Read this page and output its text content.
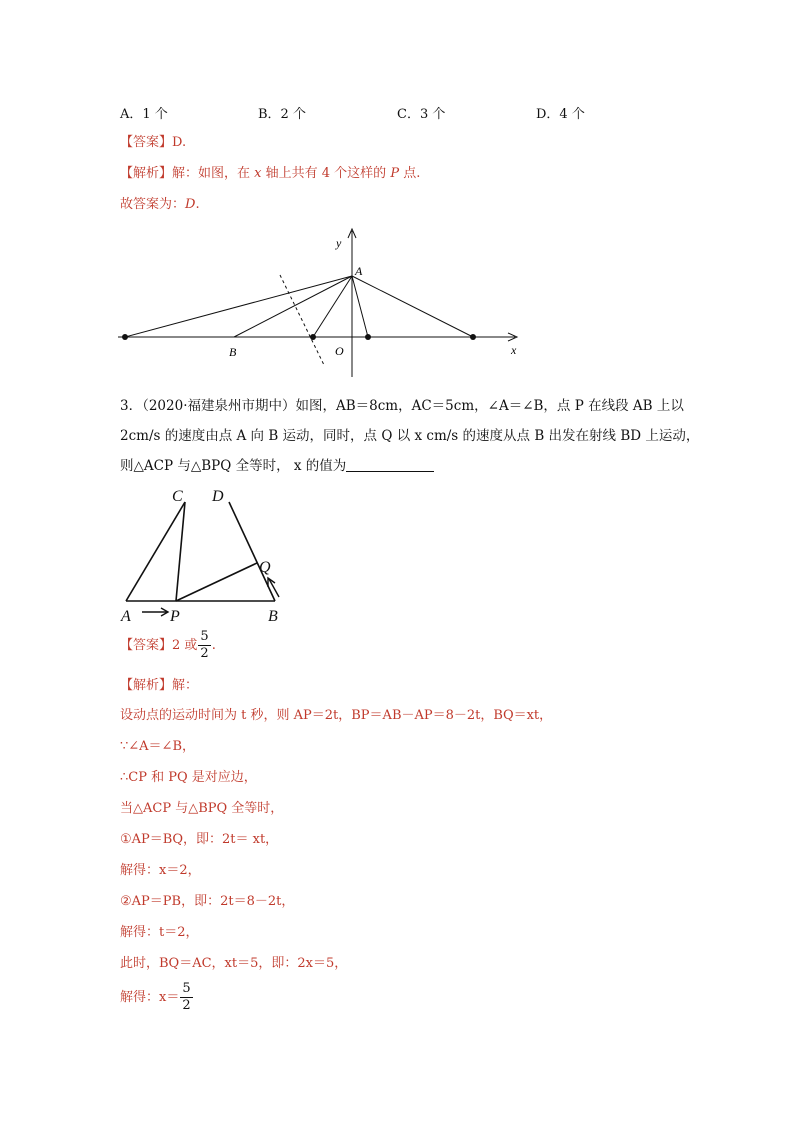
A．1 个	B．2 个	C．3 个	D．4 个
【答案】D.
【解析】解：如图，在 x 轴上共有 4 个这样的 P 点.
故答案为：D.
y
x
A
B	O
3．（2020·福建泉州市期中）如图，AB＝8cm，AC＝5cm，∠A＝∠B，点 P 在线段 AB 上以
2cm/s 的速度由点 A 向 B 运动，同时，点 Q 以 x cm/s 的速度从点 B 出发在射线 BD 上运动，
则△ACP 与△BPQ 全等时， x 的值为
C D
Q
A P	B
【答案】2 或 $\frac{5}{2}$ .
【解析】解：
设动点的运动时间为 t 秒，则 AP＝2t，BP＝AB－AP＝8－2t，BQ＝xt，
∵∠A＝∠B，
∴CP 和 PQ 是对应边，
当△ACP 与△BPQ 全等时，
①AP＝BQ，即：2t＝ xt，
解得：x＝2，
②AP＝PB，即：2t＝8－2t，
解得：t＝2，
此时，BQ＝AC，xt＝5，即：2x＝5，
解得：$x= \frac{5}{2}$
